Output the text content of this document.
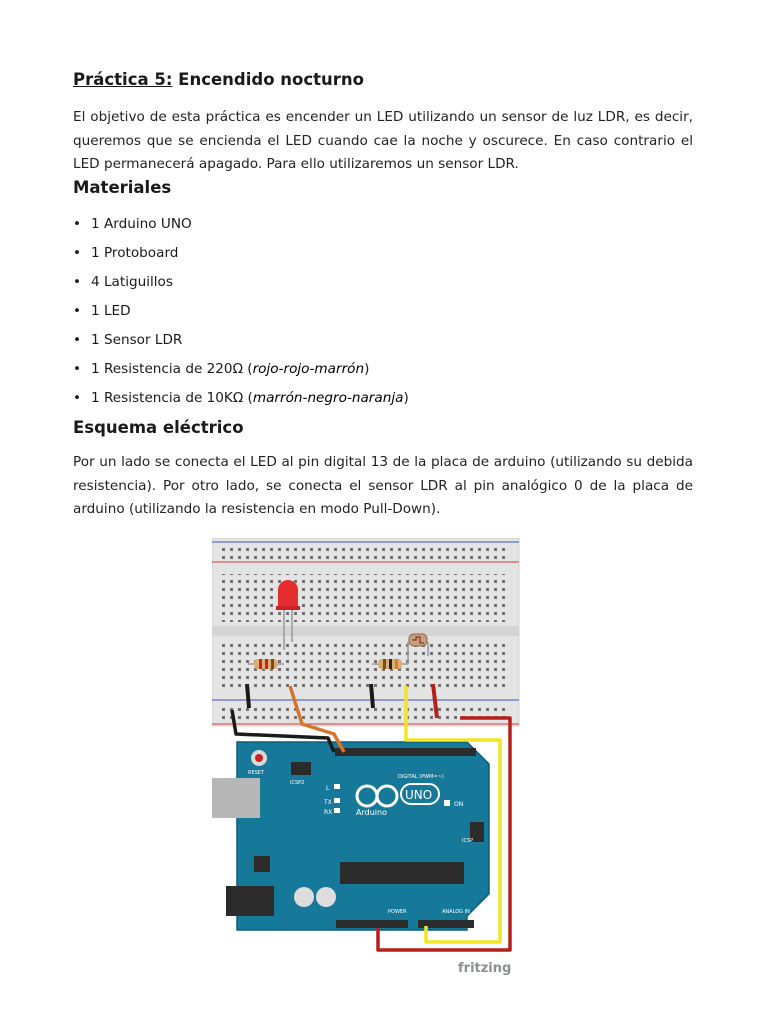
Práctica 5: Encendido nocturno

El objetivo de esta práctica es encender un LED utilizando un sensor de luz LDR, es decir, queremos que se encienda el LED cuando cae la noche y oscurece. En caso contrario el LED permanecerá apagado. Para ello utilizaremos un sensor LDR.

Materiales
• 1 Arduino UNO
• 1 Protoboard
• 4 Latiguillos
• 1 LED
• 1 Sensor LDR
• 1 Resistencia de 220Ω (rojo-rojo-marrón)
• 1 Resistencia de 10KΩ (marrón-negro-naranja)
Esquema eléctrico

Por un lado se conecta el LED al pin digital 13 de la placa de arduino (utilizando su debida resistencia). Por otro lado, se conecta el sensor LDR al pin analógico 0 de la placa de arduino (utilizando la resistencia en modo Pull-Down).

RESET
ICSP2
DIGITAL (PWM=~)
UNO
Arduino
ON
L
TX
RX
ICSP
POWER	ANALOG IN
fritzing
